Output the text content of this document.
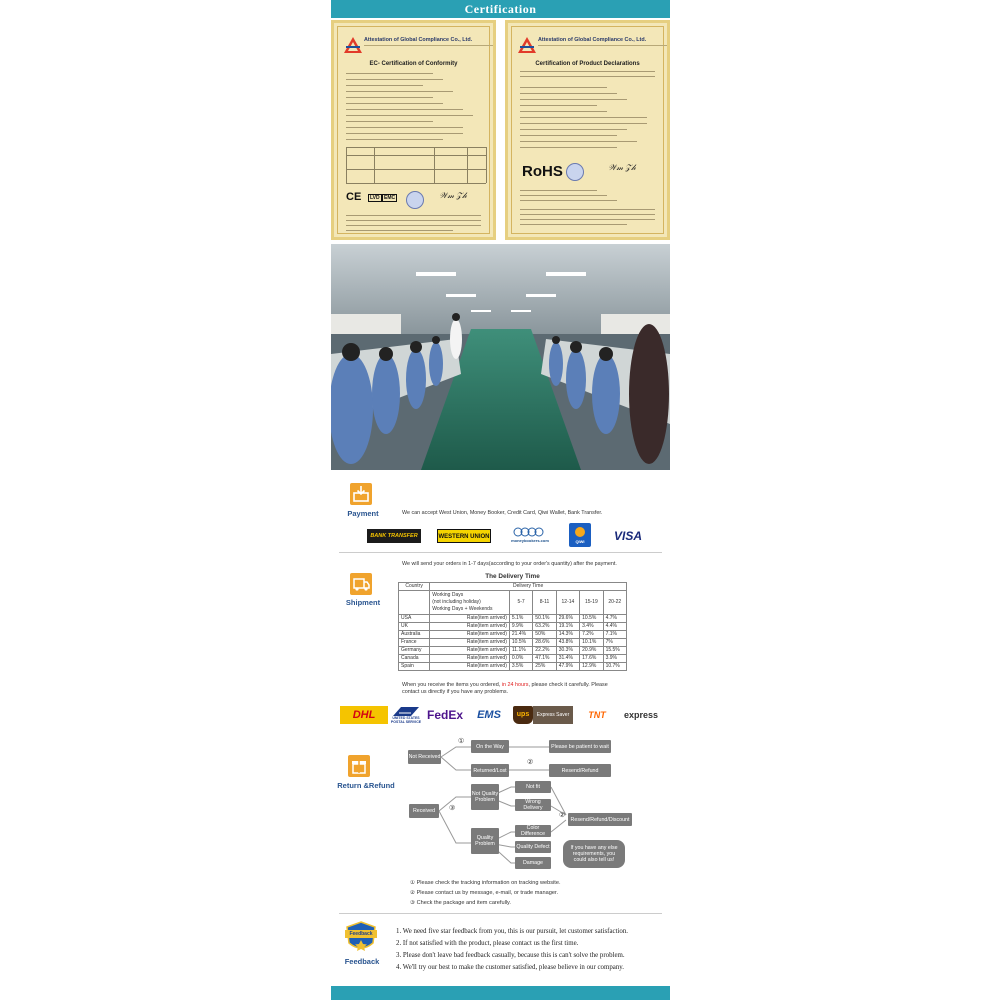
Certification
Attestation of Global Compliance Co., Ltd.
EC- Certification of Conformity
CE	LVD EMC	𝒲𝓂 𝒵𝒽
Attestation of Global Compliance Co., Ltd.
Certification of Product Declarations
RoHS	𝒲𝓂 𝒵𝒽
Payment	We can accept West Union, Money Booker, Credit Card, Qiwi Wallet, Bank Transfer.
BANK TRANSFER	WESTERN UNION
moneybookers.com	QIWI	VISA
Shipment
We will send your orders in 1-7 days(according to your order's quantity) after the payment.
The Delivery Time
Country	Delivery Time					
	Working Days
(not including holiday)
Working Days + Weekends	5-7	8-11	12-14	15-19	20-22
USA	Rate(item arrived)	5.1%	50.1%	29.6%	10.5%	4.7%
UK	Rate(item arrived)	9.9%	63.2%	19.1%	3.4%	4.4%
Australia	Rate(item arrived)	21.4%	50%	14.3%	7.2%	7.1%
France	Rate(item arrived)	10.5%	28.6%	43.8%	10.1%	7%
Germany	Rate(item arrived)	11.1%	22.2%	30.3%	20.9%	15.5%
Canada	Rate(item arrived)	0.0%	47.1%	31.4%	17.6%	3.9%
Spain	Rate(item arrived)	3.5%	25%	47.9%	12.9%	10.7%
When you receive the items you ordered, in 24 hours, please check it carefully. Please
contact us directly if you have any problems.
DHL	UNITED STATES POSTAL SERVICE FedEx	EMS	ups	Express Saver	TNT	express
Return &Refund
Not Received
①
On the Way	Please be patient to wait
②
Returned/Lost	Resend/Refund
Received	③
Not Quality Problem
Not fit
Wrong Delivery
②
Resend/Refund/Discount
Quality Problem
Color Difference
Quality Defect
Damage
If you have any else requirements, you could also tell us!
① Please check the tracking information on tracking website.
② Please contact us by message, e-mail, or trade manager.
③ Check the package and item carefully.
Feedback
Feedback
1. We need five star feedback from you, this is our pursuit, let customer satisfaction.
2. If not satisfied with the product, please contact us the first time.
3. Please don't leave bad feedback casually, because this is can't solve the problem.
4. We'll try our best to make the customer satisfied, please believe in our company.
